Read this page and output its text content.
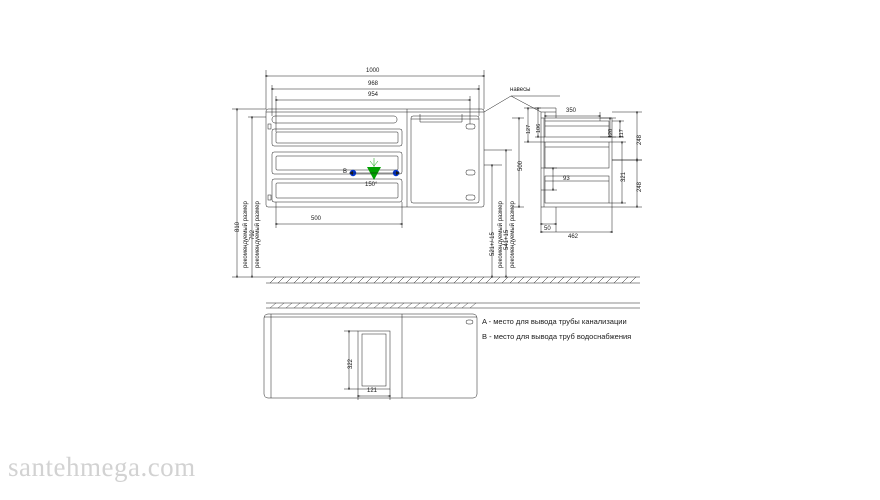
1000
968
954
500
150°
B
810
792
рекомендуемый размер рекомендуемый размер	521+/-15 541+15
рекомендуемый размер рекомендуемый размер
навесы
350
120 117
248
248
321
106
127
93
500
50
462
322
121
A - место для вывода трубы канализации
B - место для вывода труб водоснабжения
santehmega.com
